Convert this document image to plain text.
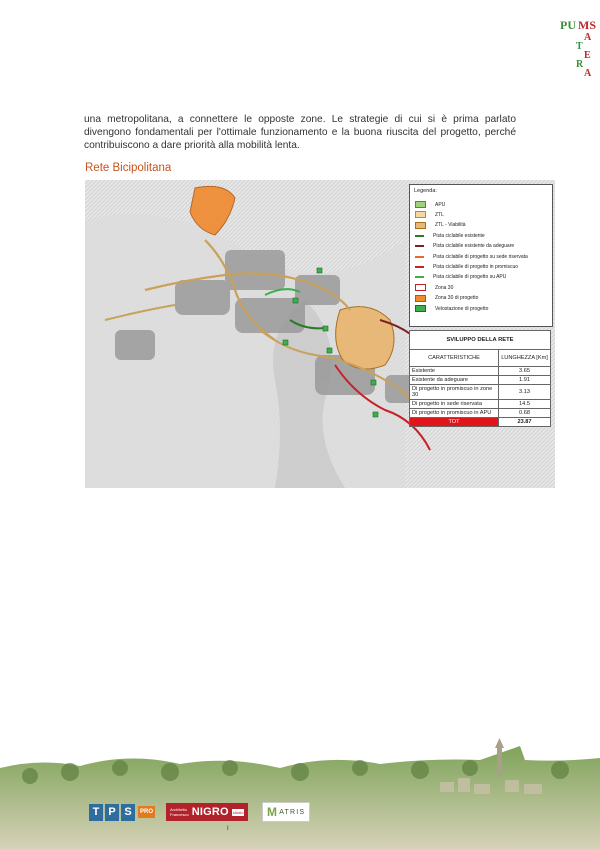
PU MS
A
T
E
R
A
una metropolitana, a connettere le opposte zone. Le strategie di cui si è prima parlato divengono fondamentali per l'ottimale funzionamento e la buona riuscita del progetto, perché contribuiscono a dare priorità alla mobilità lenta.
Rete Bicipolitana
Legenda:
APU
ZTL
ZTL - Viabilità
Pista ciclabile esistente
Pista ciclabile esistente da adeguare
Pista ciclabile di progetto su sede riservata
Pista ciclabile di progetto in promiscuo
Pista ciclabile di progetto su APU
Zona 30
Zona 30 di progetto
Velostazione di progetto
SVILUPPO DELLA RETE	
CARATTERISTICHE	LUNGHEZZA [Km]
Esistente	3.65
Esistente da adeguare	1.91
Di progetto in promiscuo in zone 30	3.13
Di progetto in sede riservata	14.5
Di progetto in promiscuo in APU	0.68
TOT	23.87
T P S	PRO	Architetto
Francesco NIGRO studio M ATRIS
I
